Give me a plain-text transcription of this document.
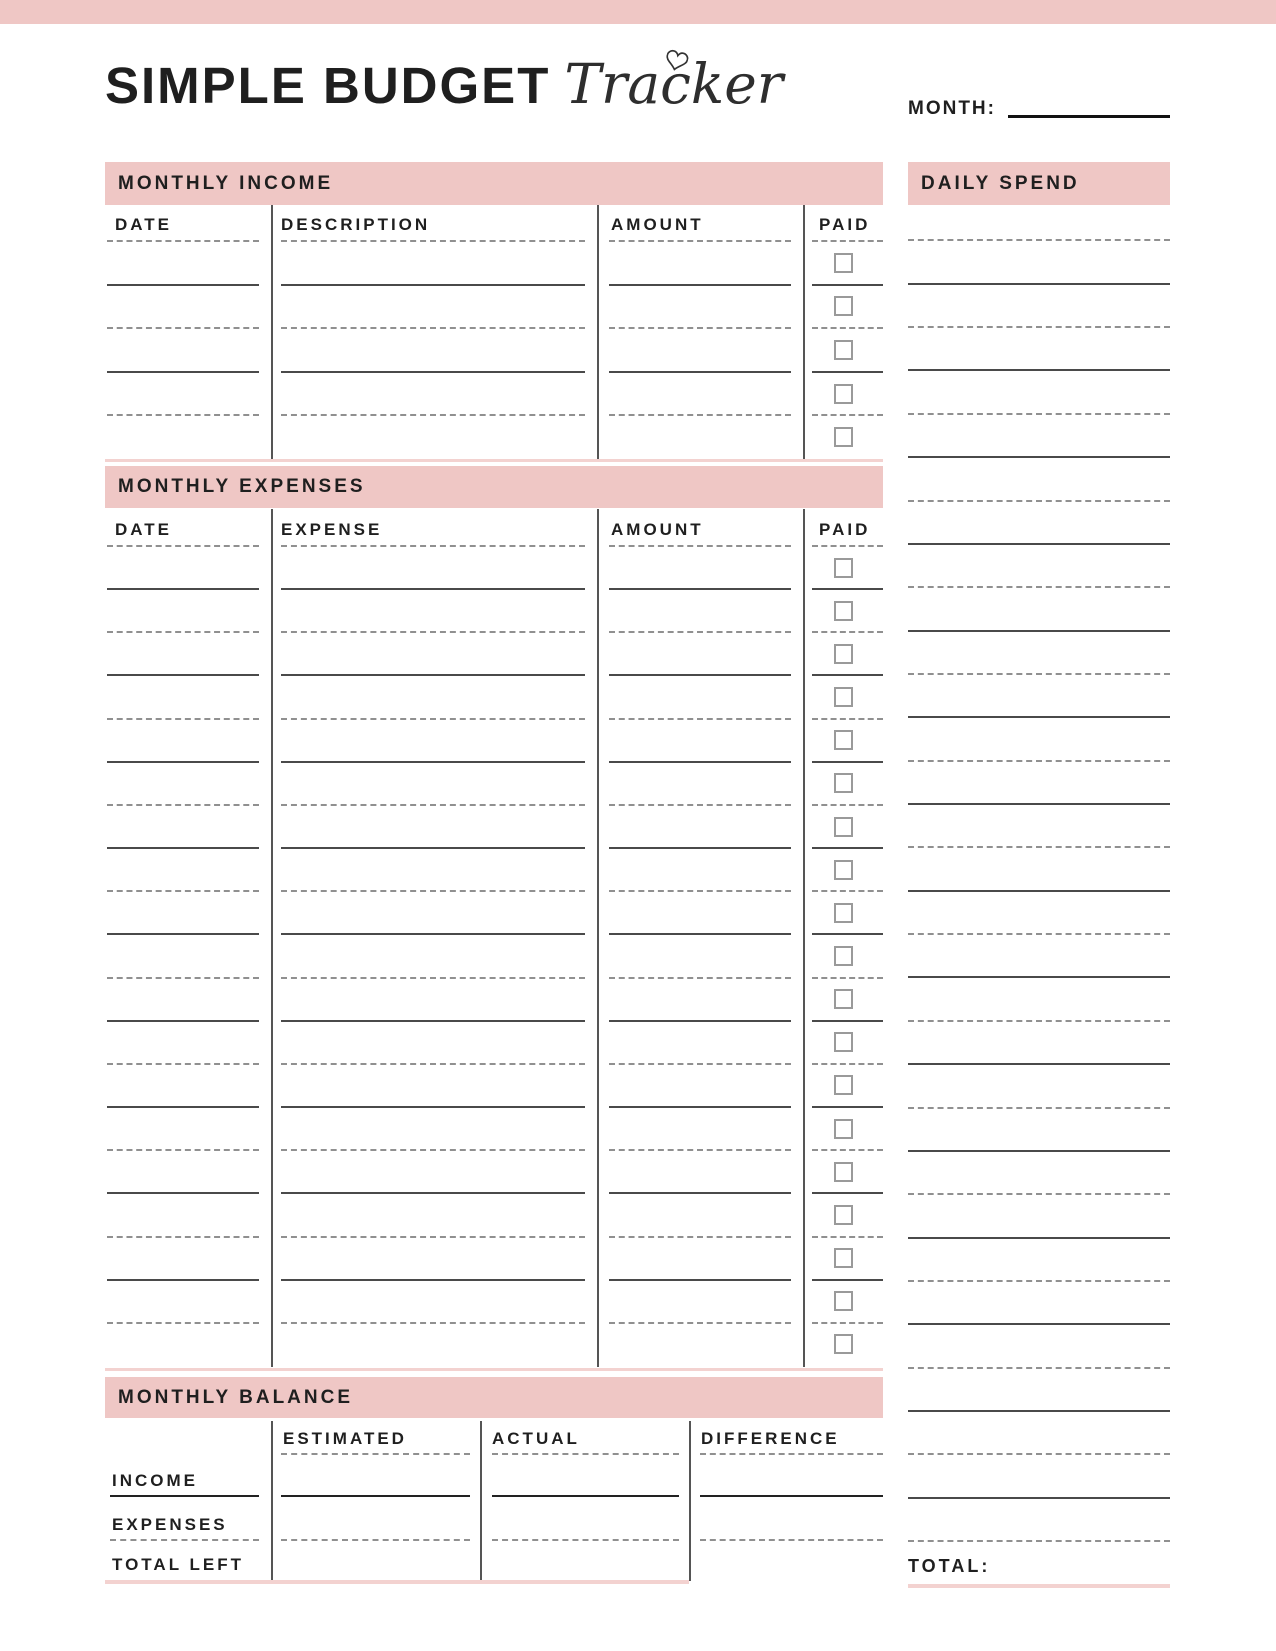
SIMPLE BUDGET Tracker	MONTH:
MONTHLY INCOME
DATE	DESCRIPTION	AMOUNT	PAID
MONTHLY EXPENSES
DATE	EXPENSE	AMOUNT	PAID
MONTHLY BALANCE
ESTIMATED	ACTUAL	DIFFERENCE
INCOME
EXPENSES
TOTAL LEFT
DAILY SPEND
TOTAL:
